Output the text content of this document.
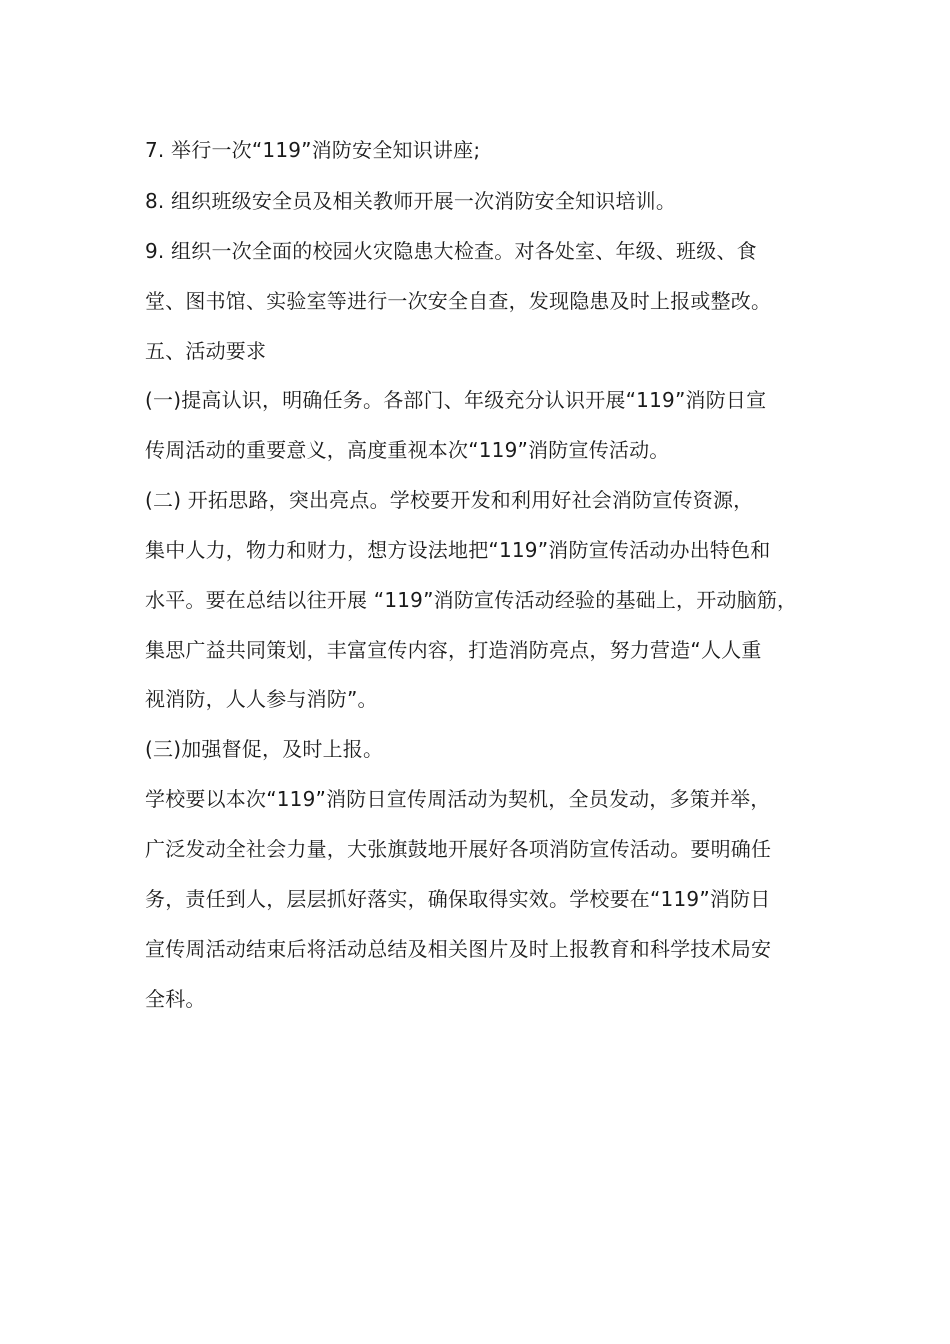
7. 举行一次“119”消防安全知识讲座;
8. 组织班级安全员及相关教师开展一次消防安全知识培训。
9. 组织一次全面的校园火灾隐患大检查。对各处室、年级、班级、食
堂、图书馆、实验室等进行一次安全自查，发现隐患及时上报或整改。
五、活动要求
(一)提高认识，明确任务。各部门、年级充分认识开展“119”消防日宣
传周活动的重要意义，高度重视本次“119”消防宣传活动。
(二) 开拓思路，突出亮点。学校要开发和利用好社会消防宣传资源，
集中人力，物力和财力，想方设法地把“119”消防宣传活动办出特色和
水平。要在总结以往开展 “119”消防宣传活动经验的基础上，开动脑筋，
集思广益共同策划，丰富宣传内容，打造消防亮点，努力营造“人人重
视消防，人人参与消防”。
(三)加强督促，及时上报。
学校要以本次“119”消防日宣传周活动为契机，全员发动，多策并举，
广泛发动全社会力量，大张旗鼓地开展好各项消防宣传活动。要明确任
务，责任到人，层层抓好落实，确保取得实效。学校要在“119”消防日
宣传周活动结束后将活动总结及相关图片及时上报教育和科学技术局安
全科。
